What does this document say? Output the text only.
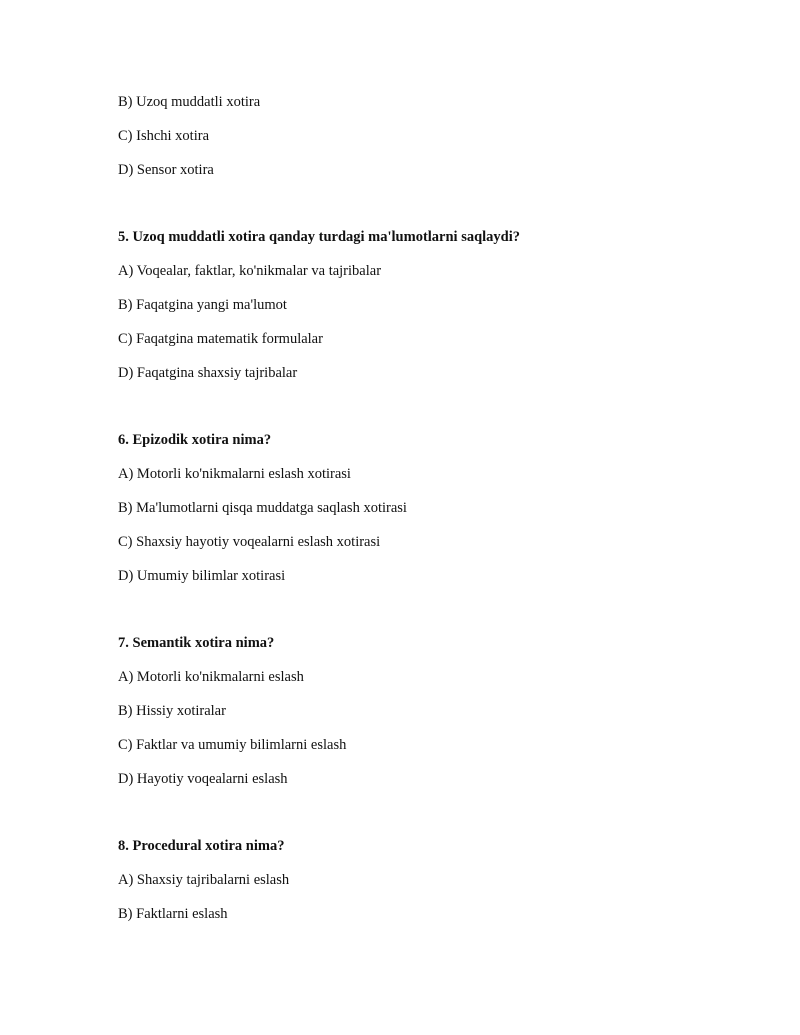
B) Uzoq muddatli xotira
C) Ishchi xotira
D) Sensor xotira
5. Uzoq muddatli xotira qanday turdagi ma'lumotlarni saqlaydi?
A) Voqealar, faktlar, ko'nikmalar va tajribalar
B) Faqatgina yangi ma'lumot
C) Faqatgina matematik formulalar
D) Faqatgina shaxsiy tajribalar
6. Epizodik xotira nima?
A) Motorli ko'nikmalarni eslash xotirasi
B) Ma'lumotlarni qisqa muddatga saqlash xotirasi
C) Shaxsiy hayotiy voqealarni eslash xotirasi
D) Umumiy bilimlar xotirasi
7. Semantik xotira nima?
A) Motorli ko'nikmalarni eslash
B) Hissiy xotiralar
C) Faktlar va umumiy bilimlarni eslash
D) Hayotiy voqealarni eslash
8. Procedural xotira nima?
A) Shaxsiy tajribalarni eslash
B) Faktlarni eslash
